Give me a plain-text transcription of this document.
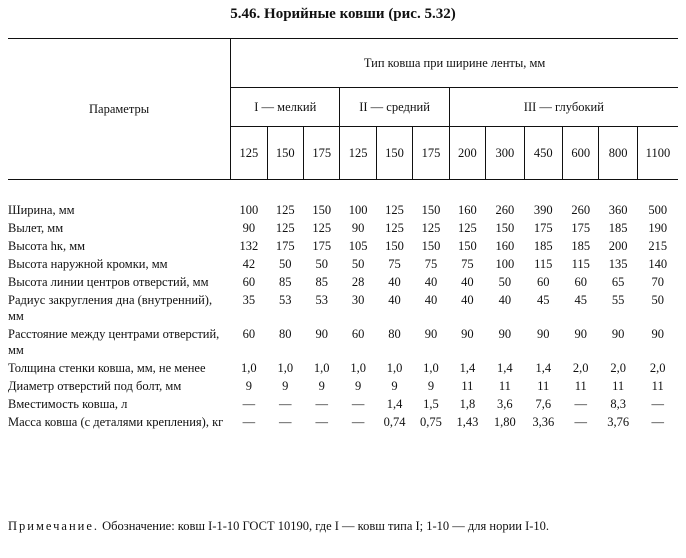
5.46. Норийные ковши (рис. 5.32)
Параметры	Тип ковша при ширине ленты, мм											
	I — мелкий			II — средний			III — глубокий					
	125	150	175	125	150	175	200	300	450	600	800	1100

Ширина, мм	100	125	150	100	125	150	160	260	390	260	360	500
Вылет, мм	90	125	125	90	125	125	125	150	175	175	185	190
Высота hк, мм	132	175	175	105	150	150	150	160	185	185	200	215
Высота наружной кромки, мм	42	50	50	50	75	75	75	100	115	115	135	140
Высота линии центров отверстий, мм	60	85	85	28	40	40	40	50	60	60	65	70
Радиус закругления дна (внутренний), мм	35	53	53	30	40	40	40	40	45	45	55	50
Расстояние между центрами отверстий, мм	60	80	90	60	80	90	90	90	90	90	90	90
Толщина стенки ковша, мм, не менее	1,0	1,0	1,0	1,0	1,0	1,0	1,4	1,4	1,4	2,0	2,0	2,0
Диаметр отверстий под болт, мм	9	9	9	9	9	9	11	11	11	11	11	11
Вместимость ковша, л	—	—	—	—	1,4	1,5	1,8	3,6	7,6	—	8,3	—
Масса ковша (с деталями крепления), кг	—	—	—	—	0,74	0,75	1,43	1,80	3,36	—	3,76	—
Примечание. Обозначение: ковш I-1-10 ГОСТ 10190, где I — ковш типа I; 1-10 — для нории I-10.
